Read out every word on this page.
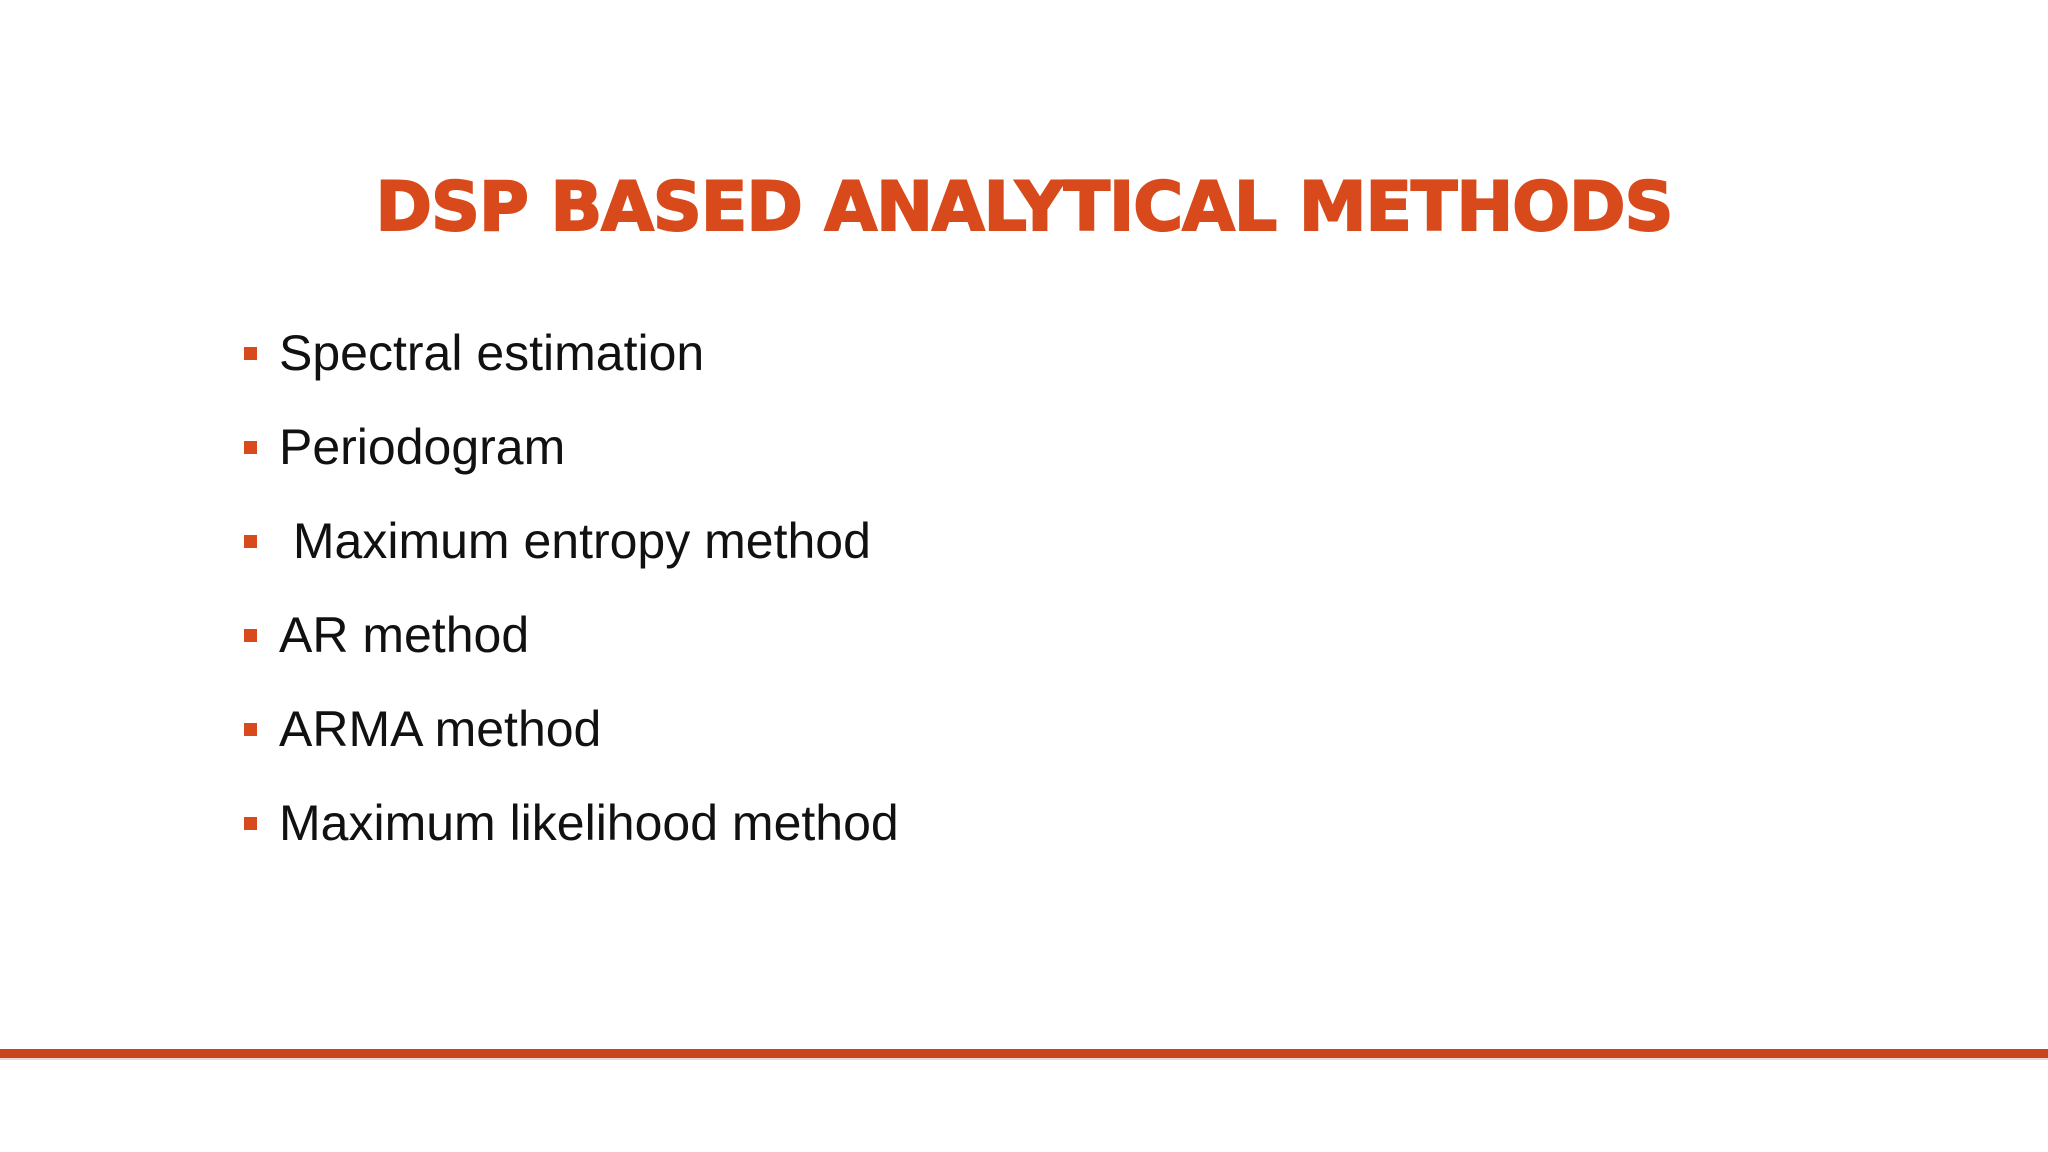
DSP BASED ANALYTICAL METHODS
Spectral estimation
Periodogram
Maximum entropy method
AR method
ARMA method
Maximum likelihood method
